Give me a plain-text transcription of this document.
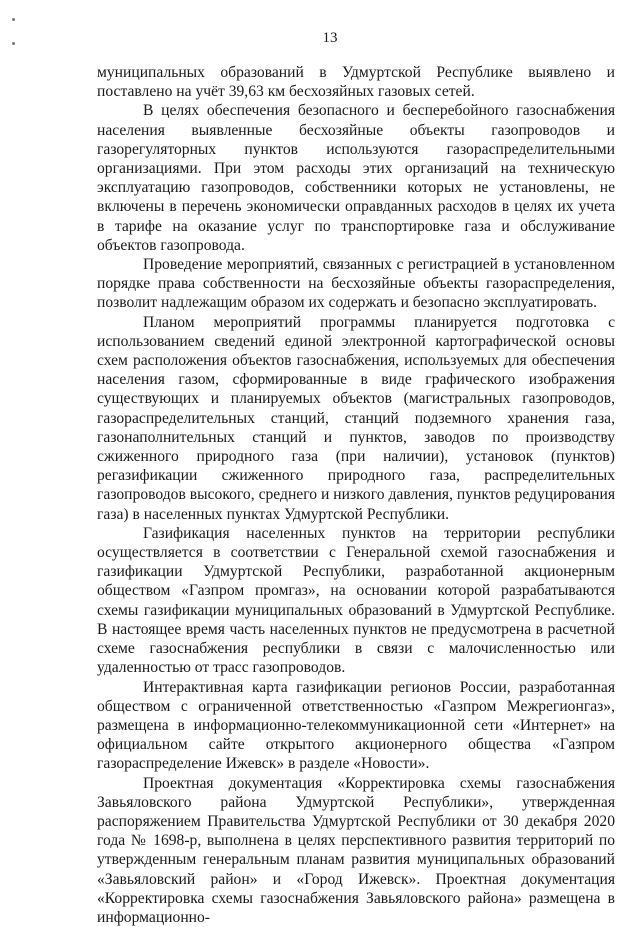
13

муниципальных образований в Удмуртской Республике выявлено и поставлено на учёт 39,63 км бесхозяйных газовых сетей.

В целях обеспечения безопасного и бесперебойного газоснабжения населения выявленные бесхозяйные объекты газопроводов и газорегуляторных пунктов используются газораспределительными организациями. При этом расходы этих организаций на техническую эксплуатацию газопроводов, собственники которых не установлены, не включены в перечень экономически оправданных расходов в целях их учета в тарифе на оказание услуг по транспортировке газа и обслуживание объектов газопровода.

Проведение мероприятий, связанных с регистрацией в установленном порядке права собственности на бесхозяйные объекты газораспределения, позволит надлежащим образом их содержать и безопасно эксплуатировать.

Планом мероприятий программы планируется подготовка с использованием сведений единой электронной картографической основы схем расположения объектов газоснабжения, используемых для обеспечения населения газом, сформированные в виде графического изображения существующих и планируемых объектов (магистральных газопроводов, газораспределительных станций, станций подземного хранения газа, газонаполнительных станций и пунктов, заводов по производству сжиженного природного газа (при наличии), установок (пунктов) регазификации сжиженного природного газа, распределительных газопроводов высокого, среднего и низкого давления, пунктов редуцирования газа) в населенных пунктах Удмуртской Республики.

Газификация населенных пунктов на территории республики осуществляется в соответствии с Генеральной схемой газоснабжения и газификации Удмуртской Республики, разработанной акционерным обществом «Газпром промгаз», на основании которой разрабатываются схемы газификации муниципальных образований в Удмуртской Республике. В настоящее время часть населенных пунктов не предусмотрена в расчетной схеме газоснабжения республики в связи с малочисленностью или удаленностью от трасс газопроводов.

Интерактивная карта газификации регионов России, разработанная обществом с ограниченной ответственностью «Газпром Межрегионгаз», размещена в информационно-телекоммуникационной сети «Интернет» на официальном сайте открытого акционерного общества «Газпром газораспределение Ижевск» в разделе «Новости».

Проектная документация «Корректировка схемы газоснабжения Завьяловского района Удмуртской Республики», утвержденная распоряжением Правительства Удмуртской Республики от 30 декабря 2020 года № 1698-р, выполнена в целях перспективного развития территорий по утвержденным генеральным планам развития муниципальных образований «Завьяловский район» и «Город Ижевск». Проектная документация «Корректировка схемы газоснабжения Завьяловского района» размещена в информационно-
